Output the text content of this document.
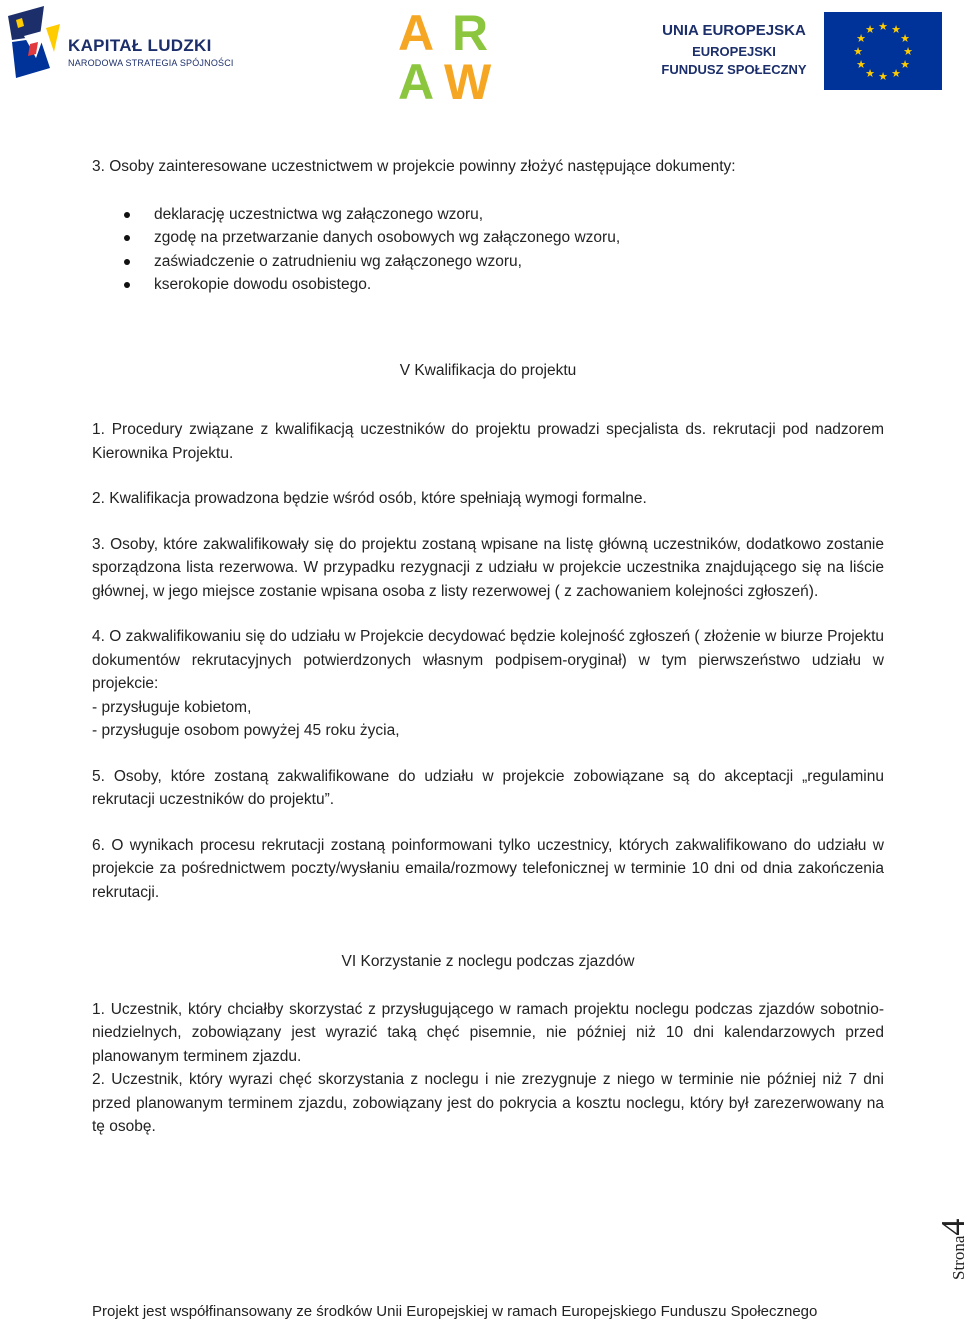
KAPITAŁ LUDZKI
NARODOWA STRATEGIA SPÓJNOŚCI
A R
A W
UNIA EUROPEJSKA
EUROPEJSKI
FUNDUSZ SPOŁECZNY
★ ★
★
★
★
★
★
★
★
★
★
★

3. Osoby zainteresowane uczestnictwem w projekcie powinny złożyć następujące dokumenty:

deklarację uczestnictwa wg załączonego wzoru,
zgodę na przetwarzanie danych osobowych wg załączonego wzoru,
zaświadczenie o zatrudnieniu wg załączonego wzoru,
kserokopie dowodu osobistego.

V Kwalifikacja do projektu

1. Procedury związane z kwalifikacją uczestników do projektu prowadzi specjalista ds. rekrutacji pod nadzorem Kierownika Projektu.

2. Kwalifikacja prowadzona będzie wśród osób, które spełniają wymogi formalne.

3. Osoby, które zakwalifikowały się do projektu zostaną wpisane na listę główną uczestników, dodatkowo zostanie sporządzona lista rezerwowa. W przypadku rezygnacji z udziału w projekcie uczestnika znajdującego się na liście głównej, w jego miejsce zostanie wpisana osoba z listy rezerwowej ( z zachowaniem kolejności zgłoszeń).

4. O zakwalifikowaniu się do udziału w Projekcie decydować będzie kolejność zgłoszeń ( złożenie w biurze Projektu dokumentów rekrutacyjnych potwierdzonych własnym podpisem-oryginał) w tym pierwszeństwo udziału w projekcie:

- przysługuje kobietom,

- przysługuje osobom powyżej 45 roku życia,

5. Osoby, które zostaną zakwalifikowane do udziału w projekcie zobowiązane są do akceptacji „regulaminu rekrutacji uczestników do projektu”.

6. O wynikach procesu rekrutacji zostaną poinformowani tylko uczestnicy, których zakwalifikowano do udziału w projekcie za pośrednictwem poczty/wysłaniu emaila/rozmowy telefonicznej w terminie 10 dni od dnia zakończenia rekrutacji.

VI Korzystanie z noclegu podczas zjazdów

1. Uczestnik, który chciałby skorzystać z przysługującego w ramach projektu noclegu podczas zjazdów sobotnio-niedzielnych, zobowiązany jest wyrazić taką chęć pisemnie, nie później niż 10 dni kalendarzowych przed planowanym terminem zjazdu.

2. Uczestnik, który wyrazi chęć skorzystania z noclegu i nie zrezygnuje z niego w terminie nie później niż 7 dni przed planowanym terminem zjazdu, zobowiązany jest do pokrycia a kosztu noclegu, który był zarezerwowany na tę osobę.

Strona4
Projekt jest współfinansowany ze środków Unii Europejskiej w ramach Europejskiego Funduszu Społecznego
